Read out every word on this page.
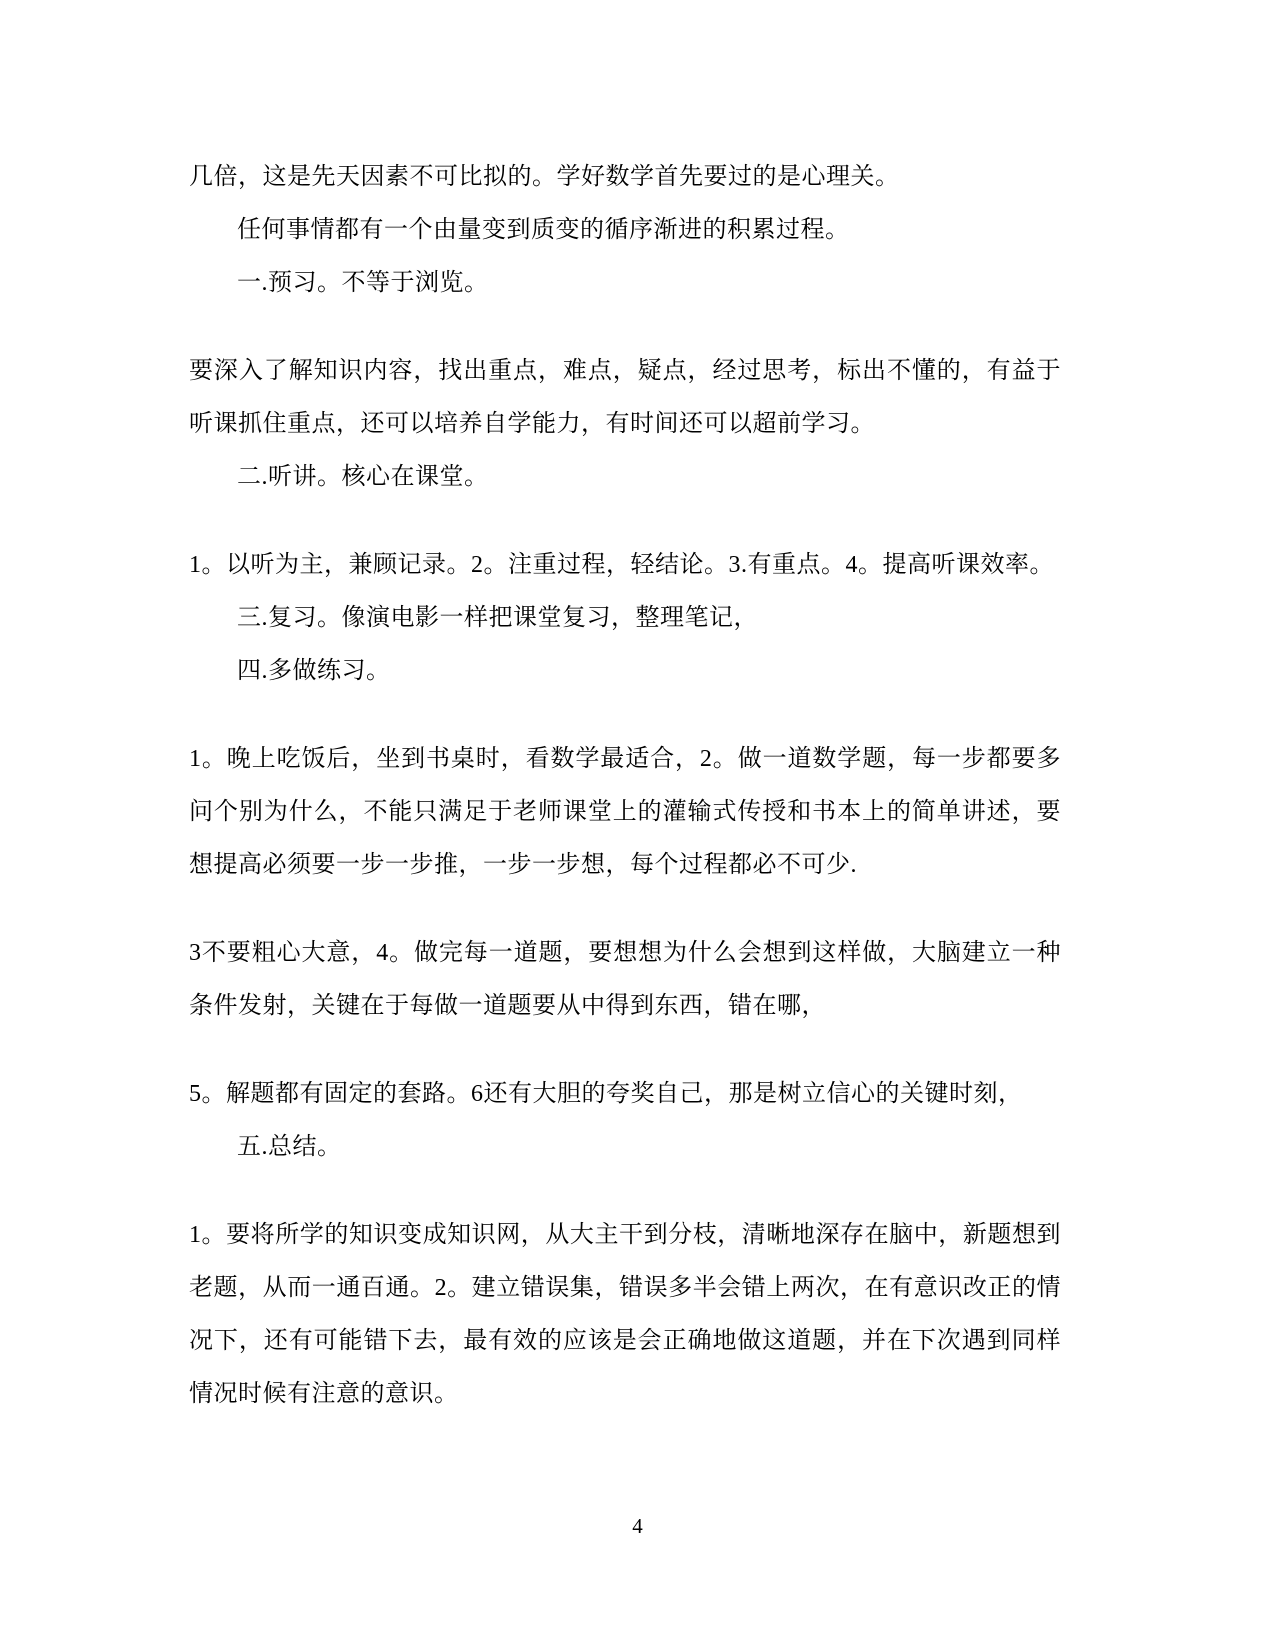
几倍，这是先天因素不可比拟的。学好数学首先要过的是心理关。

任何事情都有一个由量变到质变的循序渐进的积累过程。

一.预习。不等于浏览。

要深入了解知识内容，找出重点，难点，疑点，经过思考，标出不懂的，有益于听课抓住重点，还可以培养自学能力，有时间还可以超前学习。

二.听讲。核心在课堂。

1。以听为主，兼顾记录。2。注重过程，轻结论。3.有重点。4。提高听课效率。

三.复习。像演电影一样把课堂复习，整理笔记，

四.多做练习。

1。晚上吃饭后，坐到书桌时，看数学最适合，2。做一道数学题，每一步都要多问个别为什么，不能只满足于老师课堂上的灌输式传授和书本上的简单讲述，要想提高必须要一步一步推，一步一步想，每个过程都必不可少.

3不要粗心大意，4。做完每一道题，要想想为什么会想到这样做，大脑建立一种条件发射，关键在于每做一道题要从中得到东西，错在哪，

5。解题都有固定的套路。6还有大胆的夸奖自己，那是树立信心的关键时刻，

五.总结。

1。要将所学的知识变成知识网，从大主干到分枝，清晰地深存在脑中，新题想到老题，从而一通百通。2。建立错误集，错误多半会错上两次，在有意识改正的情况下，还有可能错下去，最有效的应该是会正确地做这道题，并在下次遇到同样情况时候有注意的意识。

4
